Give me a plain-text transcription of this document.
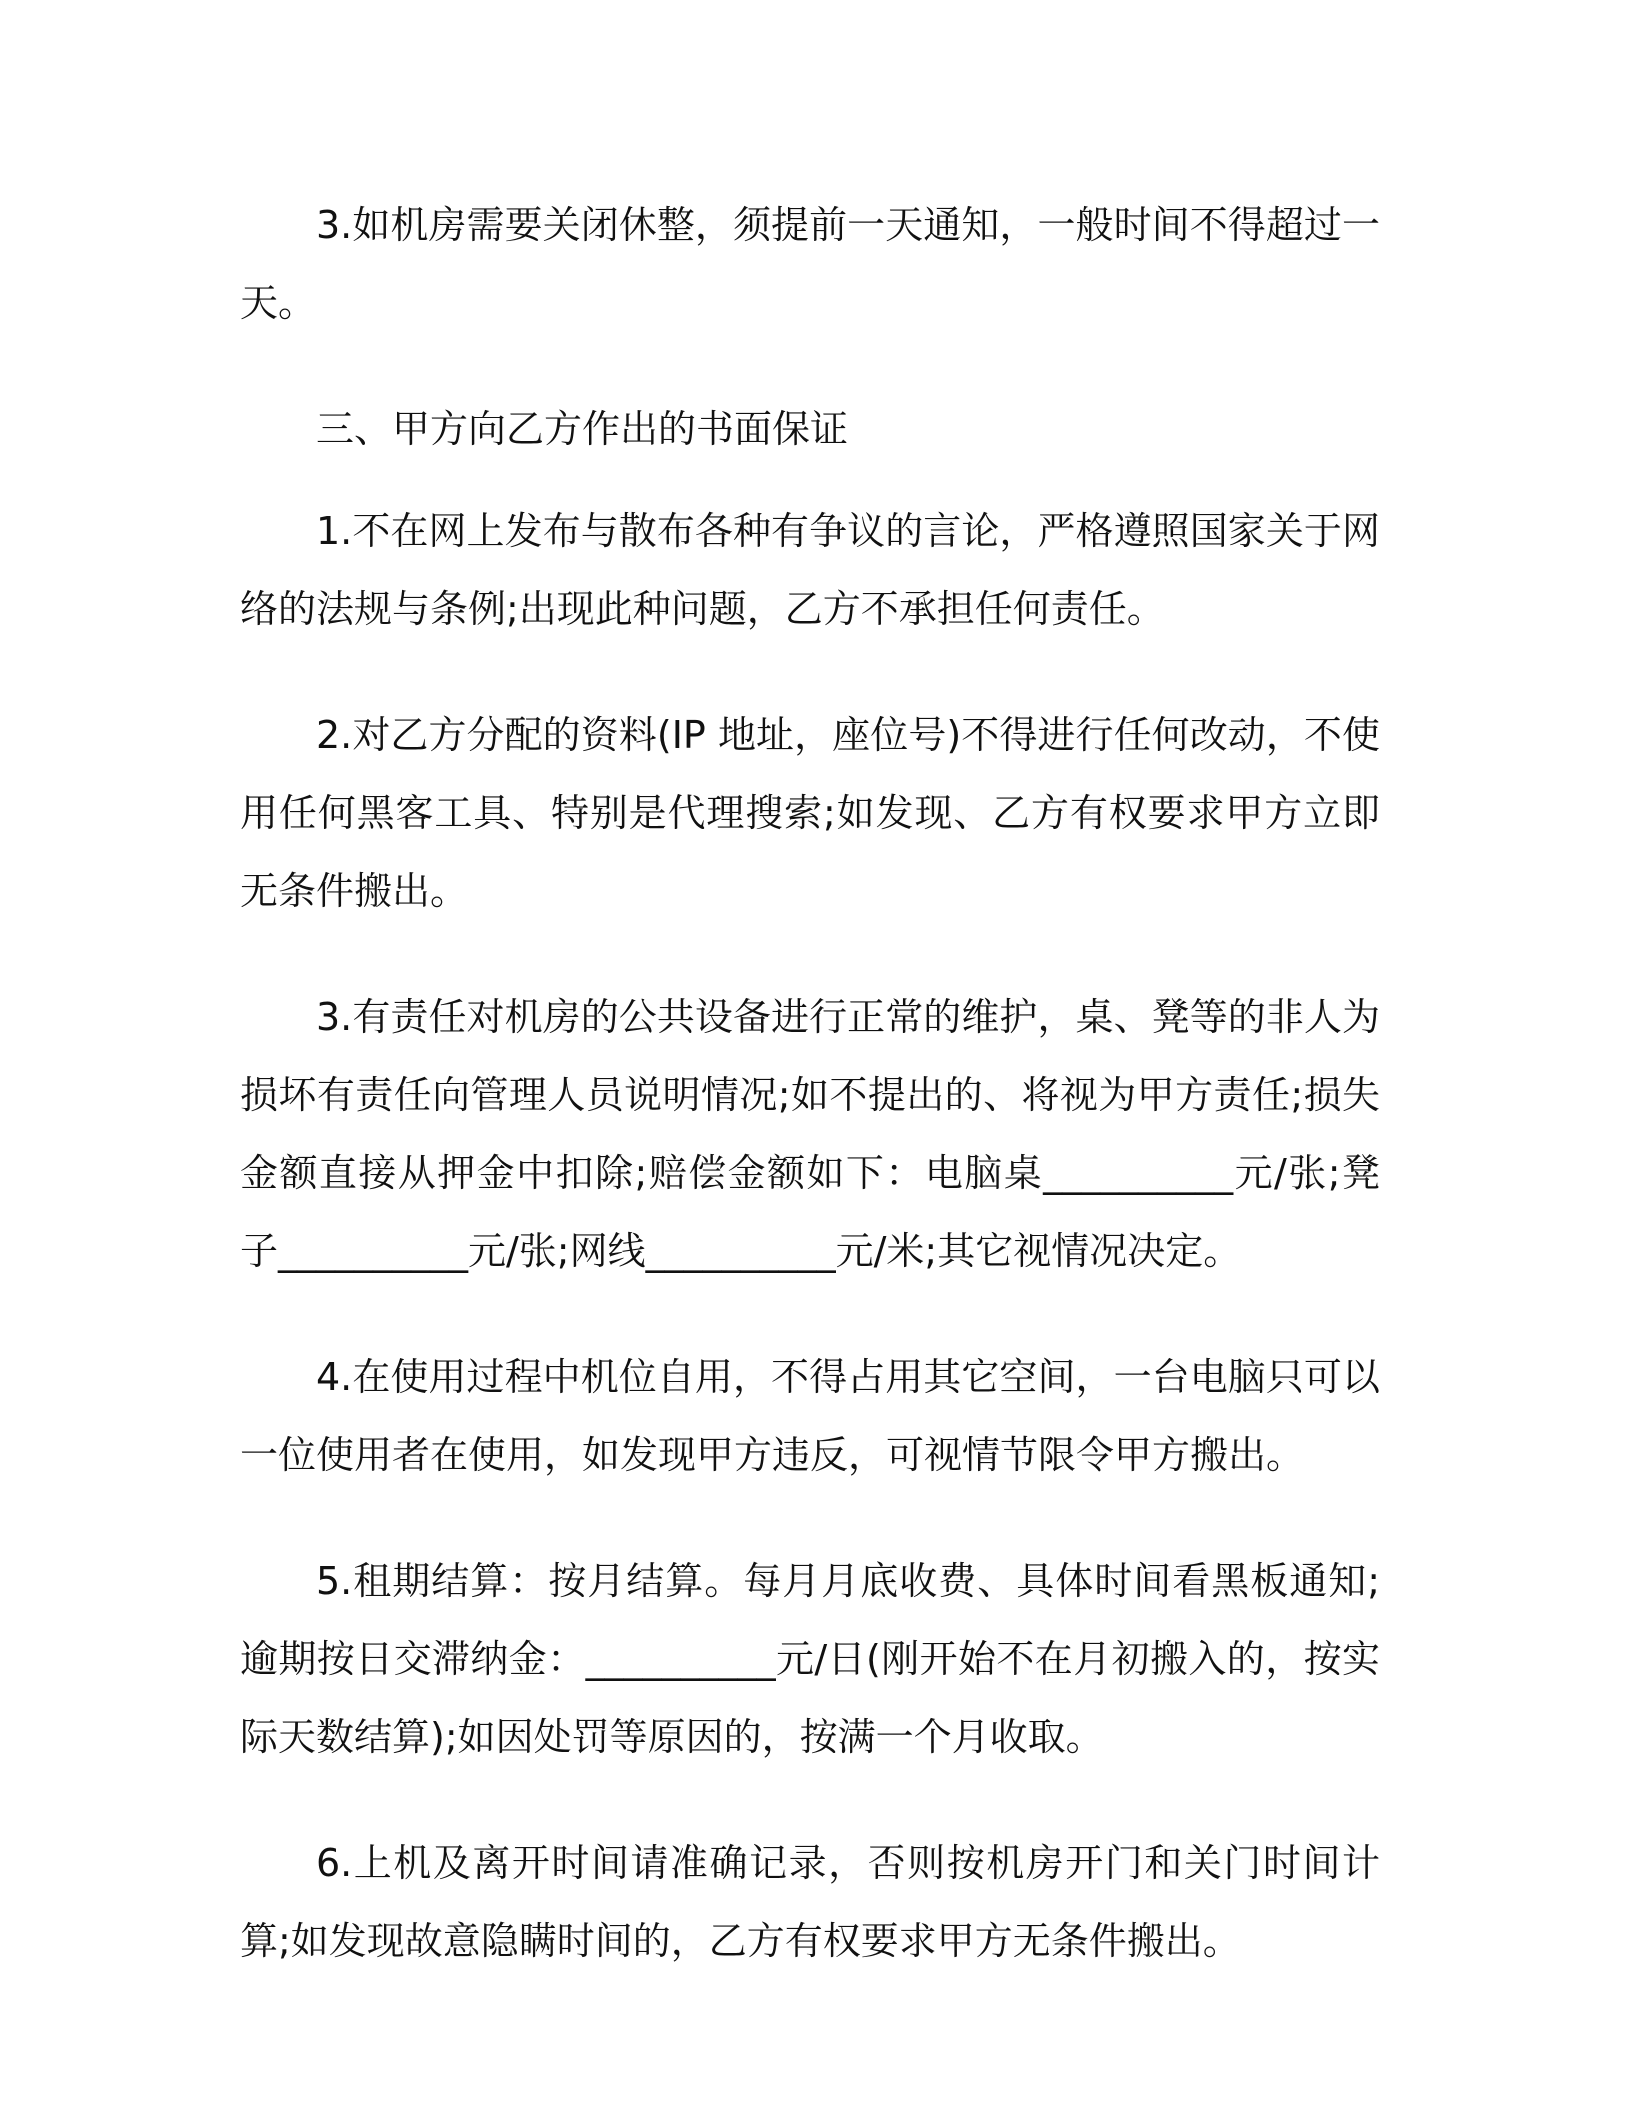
3.如机房需要关闭休整，须提前一天通知，一般时间不得超过一天。

三、甲方向乙方作出的书面保证

1.不在网上发布与散布各种有争议的言论，严格遵照国家关于网络的法规与条例;出现此种问题，乙方不承担任何责任。

2.对乙方分配的资料(IP 地址，座位号)不得进行任何改动，不使用任何黑客工具、特别是代理搜索;如发现、乙方有权要求甲方立即无条件搬出。

3.有责任对机房的公共设备进行正常的维护，桌、凳等的非人为损坏有责任向管理人员说明情况;如不提出的、将视为甲方责任;损失金额直接从押金中扣除;赔偿金额如下：电脑桌__________元/张;凳子__________元/张;网线__________元/米;其它视情况决定。

4.在使用过程中机位自用，不得占用其它空间，一台电脑只可以一位使用者在使用，如发现甲方违反，可视情节限令甲方搬出。

5.租期结算：按月结算。每月月底收费、具体时间看黑板通知;逾期按日交滞纳金：__________元/日(刚开始不在月初搬入的，按实际天数结算);如因处罚等原因的，按满一个月收取。

6.上机及离开时间请准确记录，否则按机房开门和关门时间计算;如发现故意隐瞒时间的，乙方有权要求甲方无条件搬出。
